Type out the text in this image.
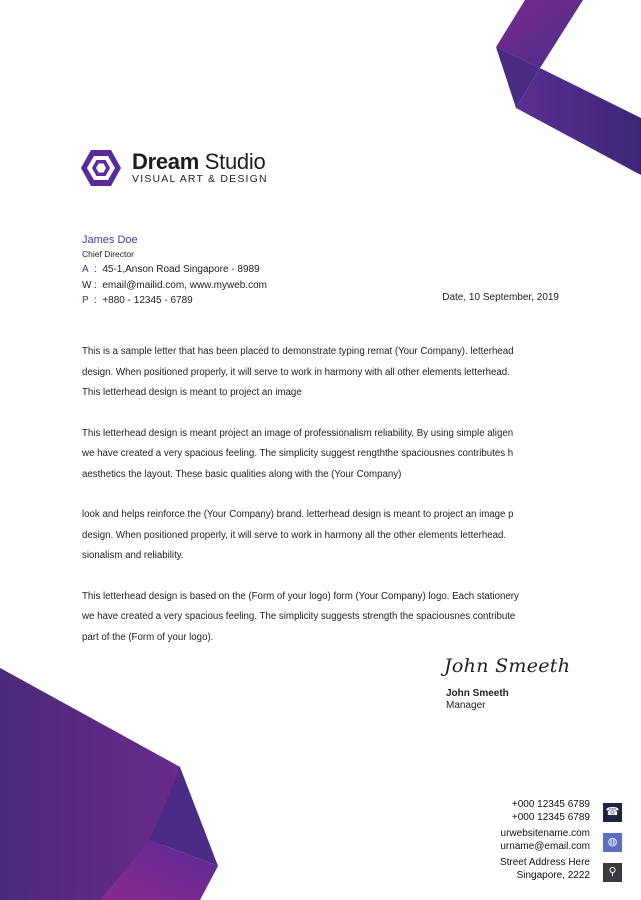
Dream Studio
VISUAL ART & DESIGN
James Doe
Chief Director
A :  45-1,Anson Road Singapore - 8989
W :  email@mailid.com, www.myweb.com
P :  +880 - 12345 - 6789	Date, 10 September, 2019
This is a sample letter that has been placed to demonstrate typing remat (Your Company). letterhead
design. When positioned properly, it will serve to work in harmony with all other elements letterhead.
This letterhead design is meant to project an image
This letterhead design is meant project an image of professionalism reliability. By using simple aligen
we have created a very spacious feeling. The simplicity suggest rengththe spaciousnes contributes h
aesthetics the layout. These basic qualities along with the (Your Company)
look and helps reinforce the (Your Company) brand. letterhead design is meant to project an image p
design. When positioned properly, it will serve to work in harmony all the other elements letterhead.
sionalism and reliability.
This letterhead design is based on the (Form of your logo) form (Your Company) logo. Each stationery
we have created a very spacious feeling. The simplicity suggests strength the spaciousnes contribute
part of the (Form of your logo).
John Smeeth
John Smeeth
Manager
+000 12345 6789
+000 12345 6789
urwebsitename.com
urname@email.com
Street Address Here
Singapore, 2222
☎
◍
⚲
